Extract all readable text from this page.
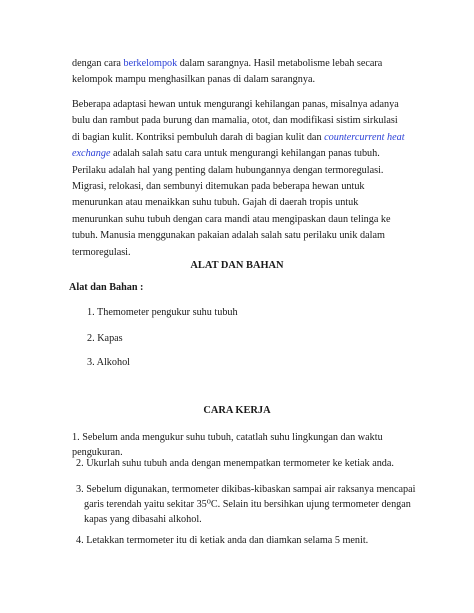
dengan cara berkelompok dalam sarangnya. Hasil metabolisme lebah secara kelompok mampu menghasilkan panas di dalam sarangnya.

Beberapa adaptasi hewan untuk mengurangi kehilangan panas, misalnya adanya bulu dan rambut pada burung dan mamalia, otot, dan modifikasi sistim sirkulasi di bagian kulit. Kontriksi pembuluh darah di bagian kulit dan countercurrent heat exchange adalah salah satu cara untuk mengurangi kehilangan panas tubuh. Perilaku adalah hal yang penting dalam hubungannya dengan termoregulasi. Migrasi, relokasi, dan sembunyi ditemukan pada beberapa hewan untuk menurunkan atau menaikkan suhu tubuh. Gajah di daerah tropis untuk menurunkan suhu tubuh dengan cara mandi atau mengipaskan daun telinga ke tubuh. Manusia menggunakan pakaian adalah salah satu perilaku unik dalam termoregulasi.

ALAT DAN BAHAN

Alat dan Bahan :

1. Themometer pengukur suhu tubuh

2. Kapas

3. Alkohol

CARA KERJA

1. Sebelum anda mengukur suhu tubuh, catatlah suhu lingkungan dan waktu pengukuran.

2. Ukurlah suhu tubuh anda dengan menempatkan termometer ke ketiak anda.

3. Sebelum digunakan, termometer dikibas-kibaskan sampai air raksanya mencapai garis terendah yaitu sekitar 35⁰C. Selain itu bersihkan ujung termometer dengan kapas yang dibasahi alkohol.

4. Letakkan termometer itu di ketiak anda dan diamkan selama 5 menit.
